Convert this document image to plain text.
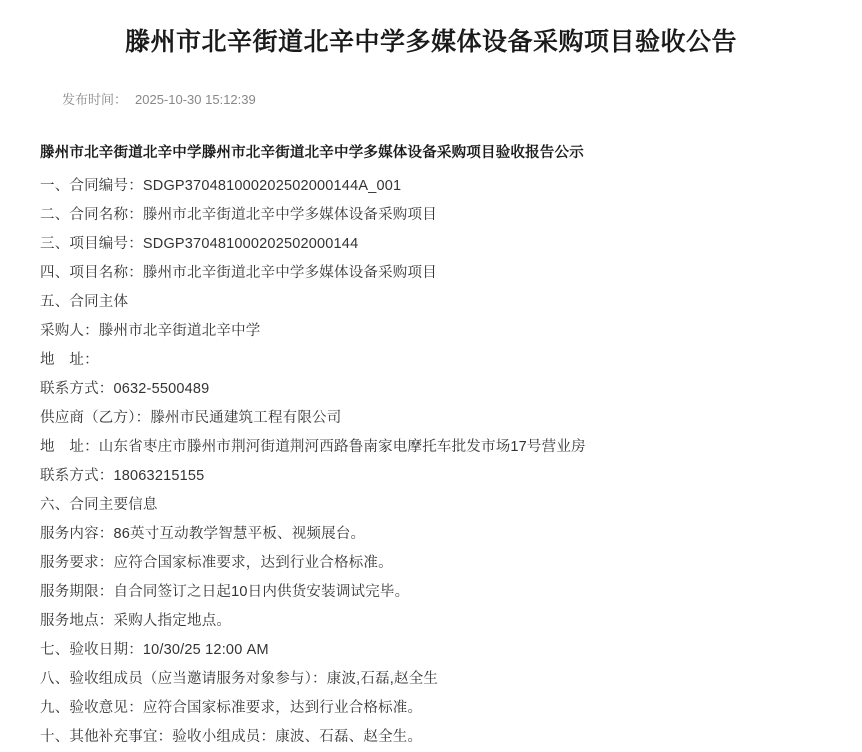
滕州市北辛街道北辛中学多媒体设备采购项目验收公告
发布时间： 2025-10-30 15:12:39
滕州市北辛街道北辛中学滕州市北辛街道北辛中学多媒体设备采购项目验收报告公示
一、合同编号：SDGP370481000202502000144A_001
二、合同名称：滕州市北辛街道北辛中学多媒体设备采购项目
三、项目编号：SDGP370481000202502000144
四、项目名称：滕州市北辛街道北辛中学多媒体设备采购项目
五、合同主体
采购人：滕州市北辛街道北辛中学
地　址：
联系方式：0632-5500489
供应商（乙方）：滕州市民通建筑工程有限公司
地　址：山东省枣庄市滕州市荆河街道荆河西路鲁南家电摩托车批发市场17号营业房
联系方式：18063215155
六、合同主要信息
服务内容：86英寸互动教学智慧平板、视频展台。
服务要求：应符合国家标准要求，达到行业合格标准。
服务期限：自合同签订之日起10日内供货安装调试完毕。
服务地点：采购人指定地点。
七、验收日期：10/30/25 12:00 AM
八、验收组成员（应当邀请服务对象参与）：康波,石磊,赵全生
九、验收意见：应符合国家标准要求，达到行业合格标准。
十、其他补充事宜：验收小组成员：康波、石磊、赵全生。
